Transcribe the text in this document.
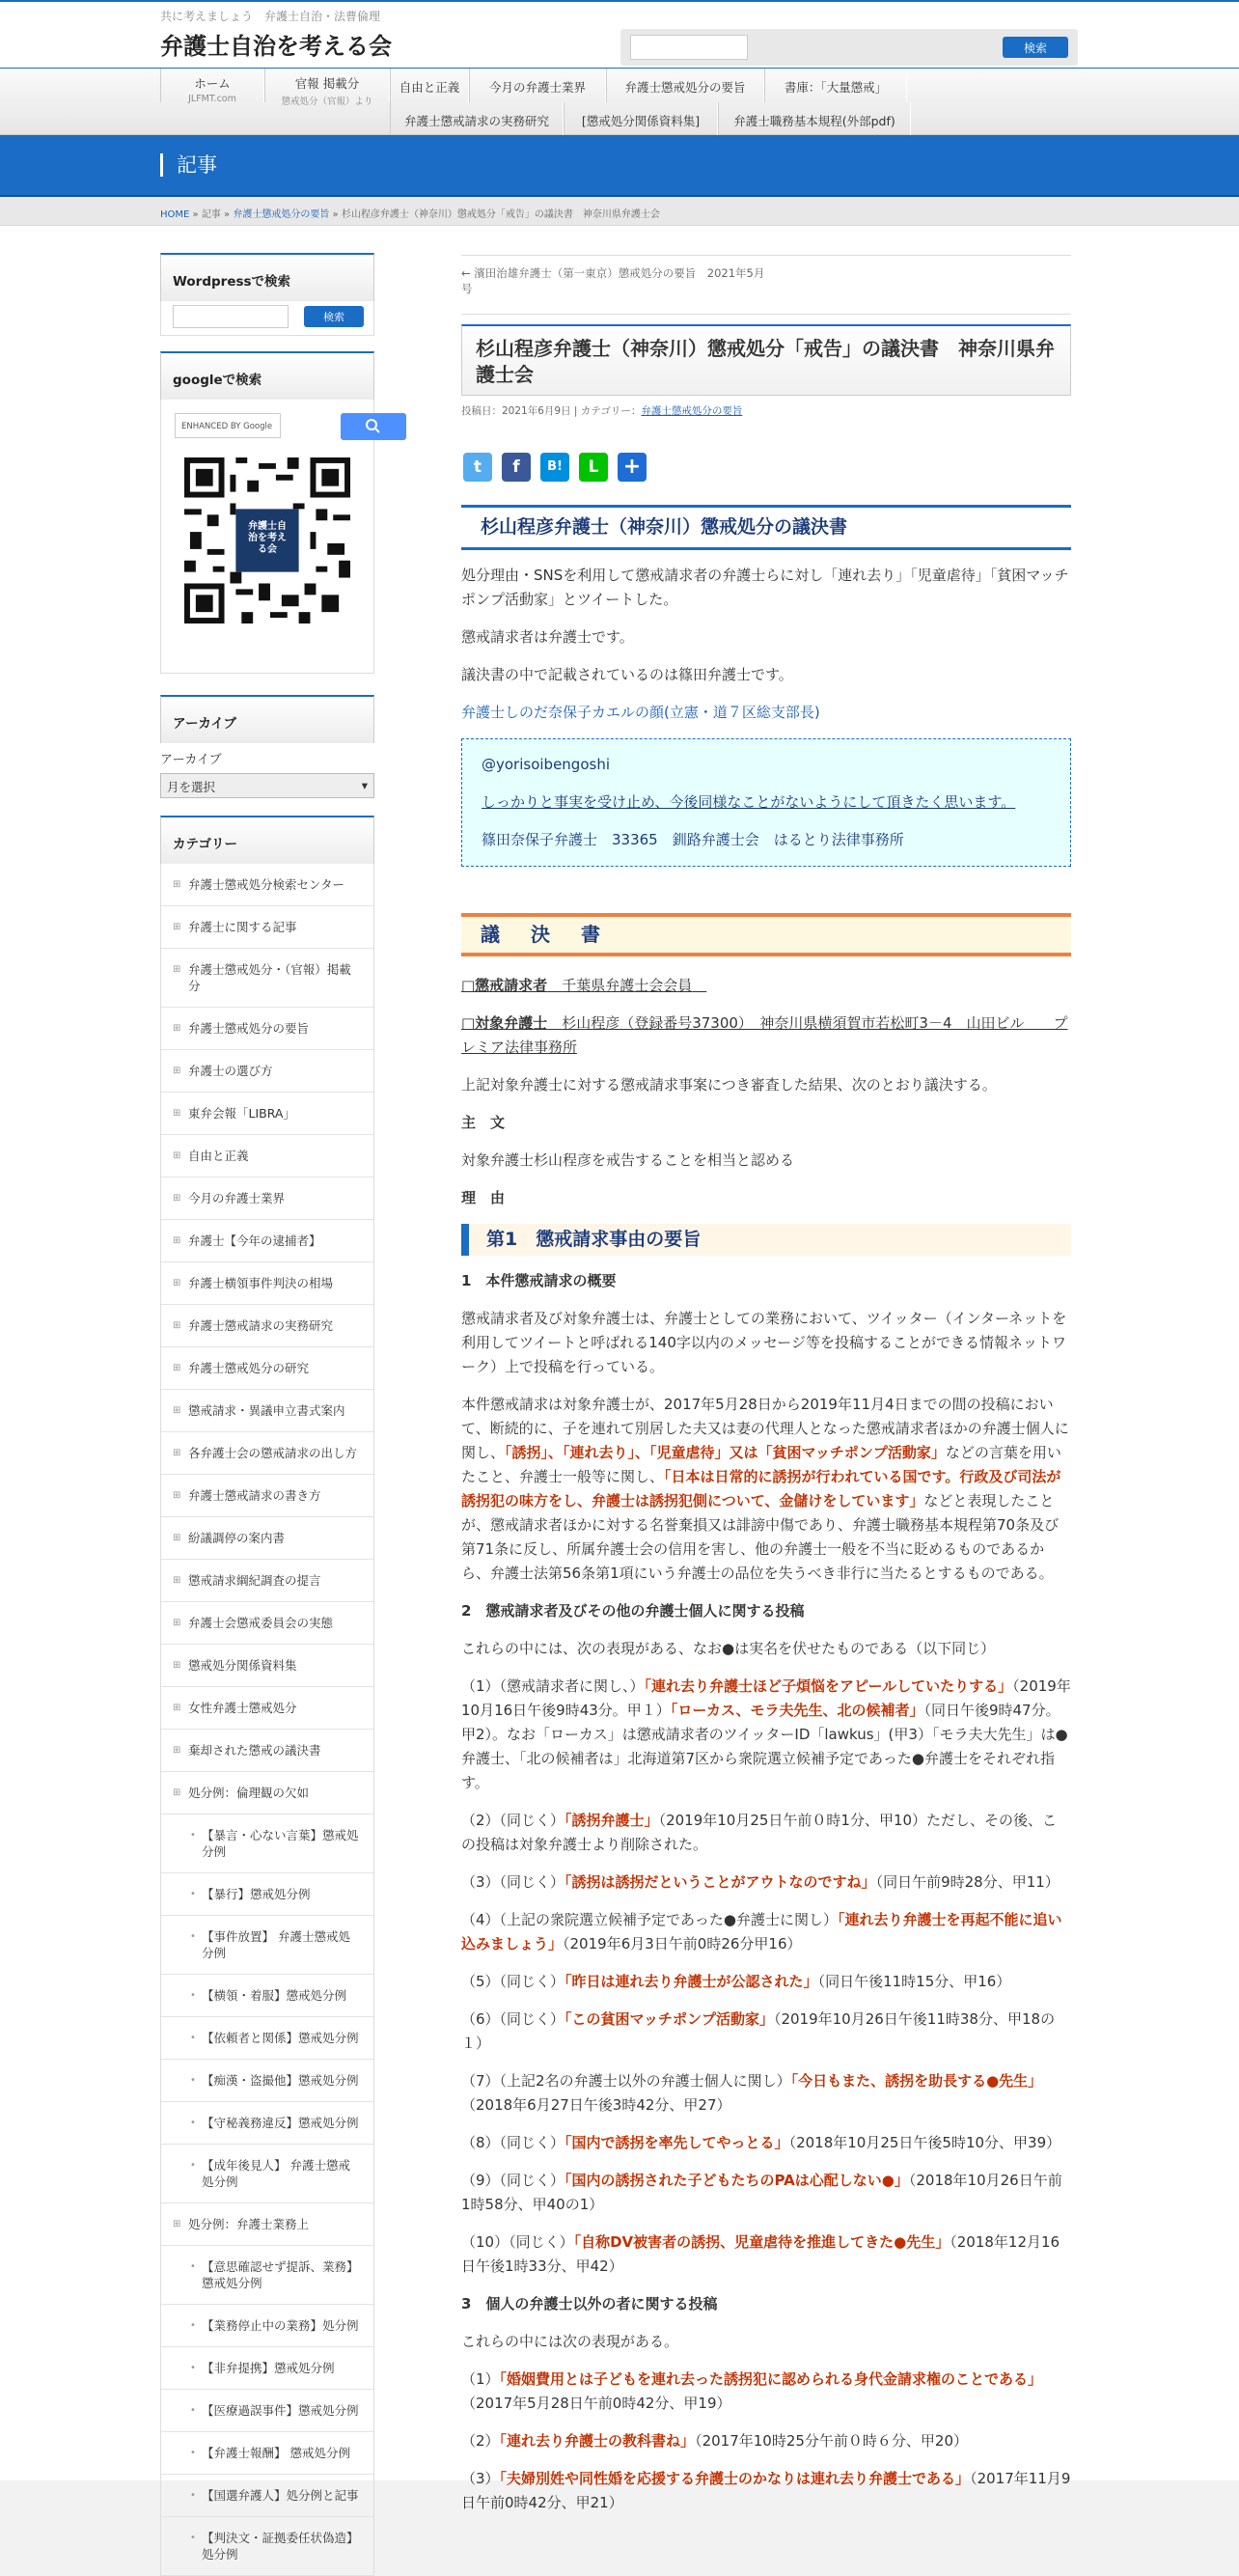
共に考えましょう　弁護士自治・法曹倫理
弁護士自治を考える会	検索
ホーム
JLFMT.com
官報 掲載分
懲戒処分（官報）より
自由と正義	今月の弁護士業界	弁護士懲戒処分の要旨	書庫：「大量懲戒」
弁護士懲戒請求の実務研究	[懲戒処分関係資料集]	弁護士職務基本規程(外部pdf)
記事
HOME » 記事 » 弁護士懲戒処分の要旨 » 杉山程彦弁護士（神奈川）懲戒処分「戒告」の議決書　神奈川県弁護士会
Wordpressで検索
検索
googleで検索
ENHANCED BY Google
弁護士自治を考える会
アーカイブ
アーカイブ
月を選択	▾
カテゴリー
⊞ 弁護士懲戒処分検索センター
⊞ 弁護士に関する記事
⊞ 弁護士懲戒処分・（官報）掲載分
⊞ 弁護士懲戒処分の要旨
⊞ 弁護士の選び方
⊞ 東弁会報「LIBRA」
⊞ 自由と正義
⊞ 今月の弁護士業界
⊞ 弁護士【今年の逮捕者】
⊞ 弁護士横領事件判決の相場
⊞ 弁護士懲戒請求の実務研究
⊞ 弁護士懲戒処分の研究
⊞ 懲戒請求・異議申立書式案内
⊞ 各弁護士会の懲戒請求の出し方
⊞ 弁護士懲戒請求の書き方
⊞ 紛議調停の案内書
⊞ 懲戒請求綱紀調査の提言
⊞ 弁護士会懲戒委員会の実態
⊞ 懲戒処分関係資料集
⊞ 女性弁護士懲戒処分
⊞ 棄却された懲戒の議決書
⊞ 処分例：倫理観の欠如
• 【暴言・心ない言葉】懲戒処分例
• 【暴行】懲戒処分例
• 【事件放置】 弁護士懲戒処分例
• 【横領・着服】懲戒処分例
• 【依頼者と関係】懲戒処分例
• 【痴漢・盗撮他】懲戒処分例
• 【守秘義務違反】懲戒処分例
• 【成年後見人】 弁護士懲戒処分例
⊞ 処分例：弁護士業務上
• 【意思確認せず提訴、業務】懲戒処分例
• 【業務停止中の業務】処分例
• 【非弁提携】懲戒処分例
• 【医療過誤事件】懲戒処分例
• 【弁護士報酬】 懲戒処分例
• 【国選弁護人】処分例と記事
• 【判決文・証拠委任状偽造】処分例
← 濱田治雄弁護士（第一東京）懲戒処分の要旨　2021年5月号
杉山程彦弁護士（神奈川）懲戒処分「戒告」の議決書　神奈川県弁護士会
投稿日：2021年6月9日 | カテゴリー：弁護士懲戒処分の要旨
t	f	B!	L	+
杉山程彦弁護士（神奈川）懲戒処分の議決書

処分理由・SNSを利用して懲戒請求者の弁護士らに対し「連れ去り」「児童虐待」「貧困マッチポンプ活動家」とツイートした。

懲戒請求者は弁護士です。

議決書の中で記載されているのは篠田弁護士です。

弁護士しのだ奈保子カエルの顔(立憲・道７区総支部長)

@yorisoibengoshi

しっかりと事実を受け止め、今後同様なことがないようにして頂きたく思います。

篠田奈保子弁護士　33365　釧路弁護士会　はるとり法律事務所

議　決　書

□懲戒請求者　 千葉県弁護士会会員　

□対象弁護士　 杉山程彦（登録番号37300）　神奈川県横須賀市若松町3－4　山田ビル　　プレミア法律事務所

上記対象弁護士に対する懲戒請求事案につき審査した結果、次のとおり議決する。

主　文

対象弁護士杉山程彦を戒告することを相当と認める

理　由

第1　懲戒請求事由の要旨

1　本件懲戒請求の概要

懲戒請求者及び対象弁護士は、弁護士としての業務において、ツイッター（インターネットを利用してツイートと呼ばれる140字以内のメッセージ等を投稿することができる情報ネットワーク）上で投稿を行っている。

本件懲戒請求は対象弁護士が、2017年5月28日から2019年11月4日までの間の投稿において、断続的に、子を連れて別居した夫又は妻の代理人となった懲戒請求者ほかの弁護士個人に関し、「誘拐」、「連れ去り」、「児童虐待」又は「貧困マッチポンプ活動家」などの言葉を用いたこと、弁護士一般等に関し、「日本は日常的に誘拐が行われている国です。行政及び司法が誘拐犯の味方をし、弁護士は誘拐犯側について、金儲けをしています」などと表現したことが、懲戒請求者ほかに対する名誉棄損又は誹謗中傷であり、弁護士職務基本規程第70条及び第71条に反し、所属弁護士会の信用を害し、他の弁護士一般を不当に貶めるものであるから、弁護士法第56条第1項にいう弁護士の品位を失うべき非行に当たるとするものである。

2　懲戒請求者及びその他の弁護士個人に関する投稿

これらの中には、次の表現がある、なお●は実名を伏せたものである（以下同じ）

（1）（懲戒請求者に関し、）「連れ去り弁護士ほど子煩悩をアピールしていたりする」（2019年10月16日午後9時43分。甲１）「ローカス、モラ夫先生、北の候補者」（同日午後9時47分。甲2）。なお「ローカス」は懲戒請求者のツイッターID「lawkus」(甲3）「モラ夫大先生」は●弁護士、「北の候補者は」北海道第7区から衆院選立候補予定であった●弁護士をそれぞれ指す。

（2）（同じく）「誘拐弁護士」（2019年10月25日午前０時1分、甲10）ただし、その後、この投稿は対象弁護士より削除された。

（3）（同じく）「誘拐は誘拐だということがアウトなのですね」（同日午前9時28分、甲11）

（4）（上記の衆院選立候補予定であった●弁護士に関し）「連れ去り弁護士を再起不能に追い込みましょう」（2019年6月3日午前0時26分甲16）

（5）（同じく）「昨日は連れ去り弁護士が公認された」（同日午後11時15分、甲16）

（6）（同じく）「この貧困マッチポンプ活動家」（2019年10月26日午後11時38分、甲18の１）

（7）（上記2名の弁護士以外の弁護士個人に関し）「今日もまた、誘拐を助長する●先生」（2018年6月27日午後3時42分、甲27）

（8）（同じく）「国内で誘拐を率先してやっとる」（2018年10月25日午後5時10分、甲39）

（9）（同じく）「国内の誘拐された子どもたちのPAは心配しない●」（2018年10月26日午前1時58分、甲40の1）

（10）（同じく）「自称DV被害者の誘拐、児童虐待を推進してきた●先生」（2018年12月16日午後1時33分、甲42）

3　個人の弁護士以外の者に関する投稿

これらの中には次の表現がある。

（1）「婚姻費用とは子どもを連れ去った誘拐犯に認められる身代金請求権のことである」（2017年5月28日午前0時42分、甲19）

（2）「連れ去り弁護士の教科書ね」（2017年10時25分午前０時６分、甲20）

（3）「夫婦別姓や同性婚を応援する弁護士のかなりは連れ去り弁護士である」（2017年11月9日午前0時42分、甲21）
